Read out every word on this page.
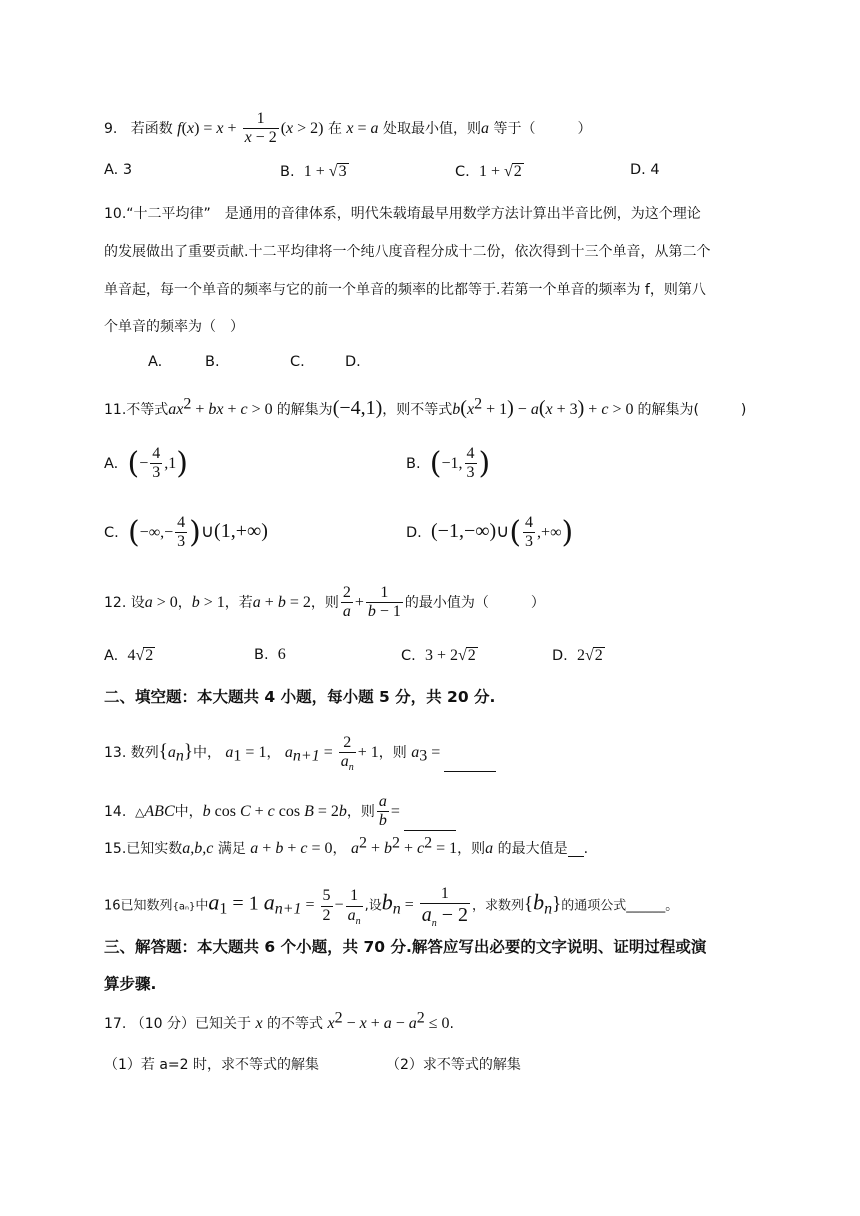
9. 若函数 $f(x) = x + \frac{1}{x - 2} (x > 2)$ 在 x = a 处取最小值，则a 等于（　　　）
A. 3	B. 1 + √3	C. 1 + √2	D. 4
10.“十二平均律”　是通用的音律体系，明代朱载堉最早用数学方法计算出半音比例，为这个理论
的发展做出了重要贡献.十二平均律将一个纯八度音程分成十二份，依次得到十三个单音，从第二个
单音起，每一个单音的频率与它的前一个单音的频率的比都等于.若第一个单音的频率为 f，则第八
个单音的频率为（　）
A.	B.	C.	D.
11.不等式$ax^2$ + bx + c > 0 的解集为(−4,1)，则不等式$b(x^2 + 1) - a(x + 3) + c > 0$ 的解集为(　　　)
A. (− $\frac{4}{3} ,1$)	B. (−1, $\frac{4}{3}$ )
C. (−∞,− $\frac{4}{3}$ )∪(1,+∞)	D. (−1,−∞)∪( $\frac{4}{3}$ ,+∞)
12. 设a > 0，b > 1，若a + b = 2，则 $\frac{2}{a} + \frac{1}{b - 1}$ 的最小值为（　　　）
A. 4√2	B. 6	C. 3 + 2√2	D. 2√2
二、填空题：本大题共 4 小题，每小题 5 分，共 20 分.
13. 数列$\{a_n\}$中， $a_1 = 1$， $a_{n+1} = \frac{2}{a_n} + 1$，则 $a_3$ =
14. △ABC中，b cos C + c cos B = 2b，则 $\frac{a}{b}$ =
15.已知实数a,b,c 满足 a + b + c = 0， $a^2 + b^2 + c^2 = 1$，则a 的最大值是 .
16已知数列{aₙ}中$a_1 = 1$ $a_{n+1} = \frac{5}{2} - \frac{1}{a_n}$ ,设$b_n = \frac{1}{a_n - 2}$ ，求数列$\{b_n\}$的通项公式______。
三、解答题：本大题共 6 个小题，共 70 分.解答应写出必要的文字说明、证明过程或演
算步骤.
17. （10 分）已知关于 x 的不等式 $x^2 - x + a - a^2 \le 0$.
（1）若 a=2 时，求不等式的解集	（2）求不等式的解集
